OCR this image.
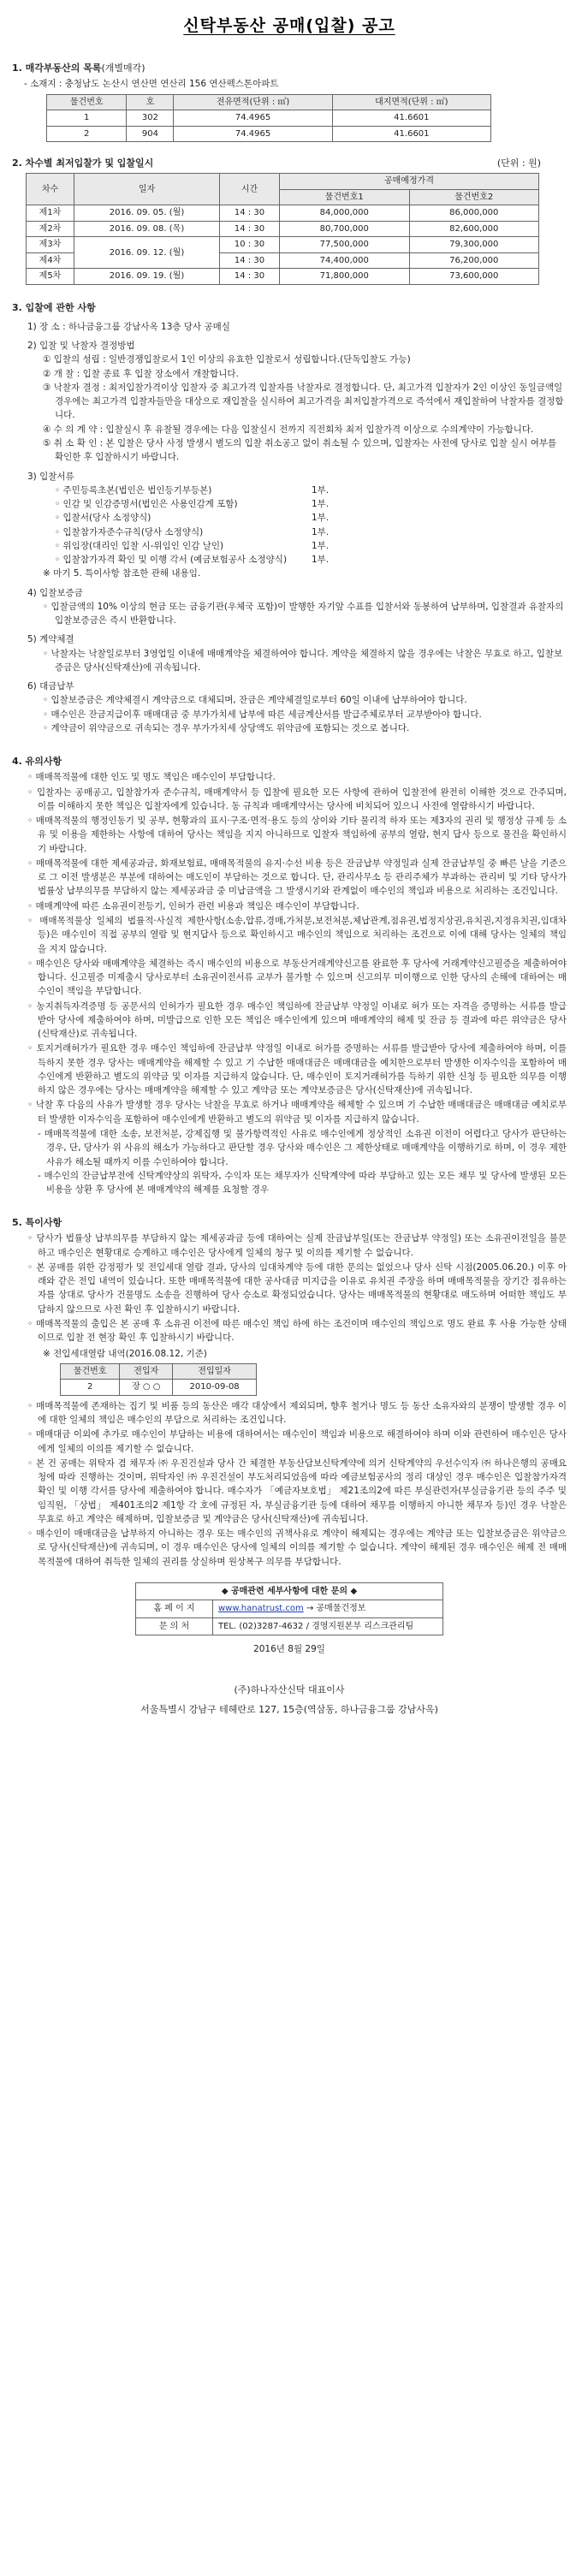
신탁부동산 공매(입찰) 공고
1. 매각부동산의 목록(개별매각)
- 소재지 : 충청남도 논산시 연산면 연산리 156 연산펙스톤아파트
물건번호	호	전유면적(단위 : ㎡)	대지면적(단위 : ㎡)
1	302	74.4965	41.6601
2	904	74.4965	41.6601
2. 차수별 최저입찰가 및 입찰일시	(단위 : 원)
차수	일자	시간	공매예정가격	
			물건번호1	물건번호2
제1차	2016. 09. 05. (월)	14 : 30	84,000,000	86,000,000
제2차	2016. 09. 08. (목)	14 : 30	80,700,000	82,600,000
제3차	2016. 09. 12. (월)	10 : 30	77,500,000	79,300,000
제4차		14 : 30	74,400,000	76,200,000
제5차	2016. 09. 19. (월)	14 : 30	71,800,000	73,600,000
3. 입찰에 관한 사항
1) 장 소 : 하나금융그룹 강남사옥 13층 당사 공매실
2) 입찰 및 낙찰자 결정방법
① 입찰의 성립 : 일반경쟁입찰로서 1인 이상의 유효한 입찰로서 성립합니다.(단독입찰도 가능)
② 개 찰 : 입찰 종료 후 입찰 장소에서 개찰합니다.
③ 낙찰자 결정 : 최저입찰가격이상 입찰자 중 최고가격 입찰자를 낙찰자로 결정합니다. 단, 최고가격 입찰자가 2인 이상인 동일금액일 경우에는 최고가격 입찰자들만을 대상으로 재입찰을 실시하여 최고가격을 최저입찰가격으로 즉석에서 재입찰하여 낙찰자를 결정합니다.
④ 수 의 계 약 : 입찰실시 후 유찰될 경우에는 다음 입찰실시 전까지 직전회차 최저 입찰가격 이상으로 수의계약이 가능합니다.
⑤ 취 소 확 인 : 본 입찰은 당사 사정 발생시 별도의 입찰 취소공고 없이 취소될 수 있으며, 입찰자는 사전에 당사로 입찰 실시 여부를 확인한 후 입찰하시기 바랍니다.
3) 입찰서류
◦ 주민등록초본(법인은 법인등기부등본)	1부.
◦ 인감 및 인감증명서(법인은 사용인감계 포함)	1부.
◦ 입찰서(당사 소정양식)	1부.
◦ 입찰참가자준수규칙(당사 소정양식)	1부.
◦ 위임장(대리인 입찰 시-위임인 인감 날인)	1부.
◦ 입찰참가자격 확인 및 이행 각서 (예금보험공사 소정양식)	1부.
※ 마기 5. 특이사항 참조한 관해 내용임.
4) 입찰보증금
◦ 입찰금액의 10% 이상의 현금 또는 금융기관(우체국 포함)이 발행한 자기앞 수표를 입찰서와 동봉하여 납부하며, 입찰결과 유찰자의 입찰보증금은 즉시 반환합니다.
5) 계약체결
◦ 낙찰자는 낙찰일로부터 3영업일 이내에 매매계약을 체결하여야 합니다. 계약을 체결하지 않을 경우에는 낙찰은 무효로 하고, 입찰보증금은 당사(신탁재산)에 귀속됩니다.
6) 대금납부
◦ 입찰보증금은 계약체결시 계약금으로 대체되며, 잔금은 계약체결일로부터 60일 이내에 납부하여야 합니다.
◦ 매수인은 잔금지급이후 매매대금 중 부가가치세 납부에 따른 세금계산서를 발급주체로부터 교부받아야 합니다.
◦ 계약금이 위약금으로 귀속되는 경우 부가가치세 상당액도 위약금에 포함되는 것으로 봅니다.
4. 유의사항
◦ 매매목적물에 대한 인도 및 명도 책임은 매수인이 부담합니다.
◦ 입찰자는 공매공고, 입찰참가자 준수규칙, 매매계약서 등 입찰에 필요한 모든 사항에 관하여 입찰전에 완전히 이해한 것으로 간주되며, 이를 이해하지 못한 책임은 입찰자에게 있습니다. 동 규칙과 매매계약서는 당사에 비치되어 있으니 사전에 열람하시기 바랍니다.
◦ 매매목적물의 행정인동기 및 공부, 현황과의 표시·구조·면적·용도 등의 상이와 기타 물리적 하자 또는 제3자의 권리 및 행정상 규제 등 소유 및 이용을 제한하는 사항에 대하여 당사는 책임을 지지 아니하므로 입찰자 책임하에 공부의 열람, 현지 답사 등으로 물건을 확인하시기 바랍니다.
◦ 매매목적물에 대한 제세공과금, 화재보험료, 매매목적물의 유지·수선 비용 등은 잔금납부 약정일과 실제 잔금납부일 중 빠른 날을 기준으로 그 이전 발생분은 부분에 대하여는 매도인이 부담하는 것으로 합니다. 단, 관리사무소 등 관리주체가 부과하는 관리비 및 기타 당사가 법률상 납부의무를 부담하지 않는 제세공과금 중 미납금액을 그 발생시기와 관계없이 매수인의 책임과 비용으로 처리하는 조건입니다.
◦ 매매계약에 따른 소유권이전등기, 인허가 관련 비용과 책임은 매수인이 부담합니다.
◦ 매매목적물상 일체의 법률적·사실적 제한사항(소송,압류,경매,가처분,보전처분,체납관계,점유권,법정지상권,유치권,지정유치권,임대차 등)은 매수인이 직접 공부의 열람 및 현지답사 등으로 확인하시고 매수인의 책임으로 처리하는 조건으로 이에 대해 당사는 일체의 책임을 지지 않습니다.
◦ 매수인은 당사와 매매계약을 체결하는 즉시 매수인의 비용으로 부동산거래계약신고를 완료한 후 당사에 거래계약신고필증을 제출하여야 합니다. 신고필증 미제출시 당사로부터 소유권이전서류 교부가 불가할 수 있으며 신고의무 미이행으로 인한 당사의 손해에 대하여는 매수인이 책임을 부담합니다.
◦ 농지취득자격증명 등 공문서의 인허가가 필요한 경우 매수인 책임하에 잔금납부 약정일 이내로 허가 또는 자격을 증명하는 서류를 발급받아 당사에 제출하여야 하며, 미발급으로 인한 모든 책임은 매수인에게 있으며 매매계약의 해제 및 잔금 등 결과에 따른 위약금은 당사(신탁재산)로 귀속됩니다.
◦ 토지거래허가가 필요한 경우 매수인 책임하에 잔금납부 약정일 이내로 허가를 증명하는 서류를 발급받아 당사에 제출하여야 하며, 이를 득하지 못한 경우 당사는 매매계약을 해제할 수 있고 기 수납한 매매대금은 매매대금을 예치한으로부터 발생한 이자수익을 포함하여 매수인에게 반환하고 별도의 위약금 및 이자를 지급하지 않습니다. 단, 매수인이 토지거래허가를 득하기 위한 신청 등 필요한 의무를 이행하지 않은 경우에는 당사는 매매계약을 해제할 수 있고 계약금 또는 계약보증금은 당사(신탁재산)에 귀속됩니다.
◦ 낙찰 후 다음의 사유가 발생할 경우 당사는 낙찰을 무효로 하거나 매매계약을 해제할 수 있으며 기 수납한 매매대금은 매매대금 예치로부터 발생한 이자수익을 포함하여 매수인에게 반환하고 별도의 위약금 및 이자를 지급하지 않습니다.
- 매매목적물에 대한 소송, 보전처분, 강제집행 및 불가항력적인 사유로 매수인에게 정상적인 소유권 이전이 어렵다고 당사가 판단하는 경우, 단, 당사가 위 사유의 해소가 가능하다고 판단할 경우 당사와 매수인은 그 제한상태로 매매계약을 이행하기로 하며, 이 경우 제한사유가 해소될 때까지 이를 수인하여야 합니다.
- 매수인의 잔금납부전에 신탁계약상의 위탁자, 수익자 또는 채무자가 신탁계약에 따라 부담하고 있는 모든 채무 및 당사에 발생된 모든 비용을 상환 후 당사에 본 매매계약의 해제를 요청할 경우
5. 특이사항
◦ 당사가 법률상 납부의무를 부담하지 않는 제세공과금 등에 대하여는 실제 잔금납부일(또는 잔금납부 약정일) 또는 소유권이전일을 불문하고 매수인은 현황대로 승계하고 매수인은 당사에게 일체의 청구 및 이의를 제기할 수 없습니다.
◦ 본 공매를 위한 감정평가 및 전입세대 열람 결과, 당사의 임대차계약 등에 대한 문의는 없었으나 당사 신탁 시점(2005.06.20.) 이후 아래와 같은 전입 내역이 있습니다. 또한 매매목적물에 대한 공사대금 미지급을 이유로 유치권 주장을 하며 매매목적물을 장기간 점유하는 자를 상대로 당사가 건물명도 소송을 진행하여 당사 승소로 확정되었습니다. 당사는 매매목적물의 현황대로 매도하며 어떠한 책임도 부담하지 않으므로 사전 확인 후 입찰하시기 바랍니다.
◦ 매매목적물의 출입은 본 공매 후 소유권 이전에 따른 매수인 책임 하에 하는 조건이며 매수인의 책임으로 명도 완료 후 사용 가능한 상태이므로 입찰 전 현장 확인 후 입찰하시기 바랍니다.
※ 전입세대열람 내역(2016.08.12, 기준)
물건번호	전입자	전입일자
2	장 ○ ○	2010-09-08
◦ 매매목적물에 존재하는 집기 및 비품 등의 동산은 매각 대상에서 제외되며, 향후 철거나 명도 등 동산 소유자와의 분쟁이 발생할 경우 이에 대한 일체의 책임은 매수인의 부담으로 처리하는 조건입니다.
◦ 매매대금 이외에 추가로 매수인이 부담하는 비용에 대하여서는 매수인이 책임과 비용으로 해결하여야 하며 이와 관련하여 매수인은 당사에게 일체의 이의를 제기할 수 없습니다.
◦ 본 건 공매는 위탁자 겸 채무자 ㈜ 우진건설과 당사 간 체결한 부동산담보신탁계약에 의거 신탁계약의 우선수익자 ㈜ 하나은행의 공매요청에 따라 진행하는 것이며, 위탁자인 ㈜ 우진건설이 부도처리되었음에 따라 예금보험공사의 정리 대상인 경우 매수인은 입찰참가자격 확인 및 이행 각서를 당사에 제출하여야 합니다. 매수자가 「예금자보호법」 제21조의2에 따른 부실관련자(부실금융기관 등의 주주 및 임직원, 「상법」 제401조의2 제1항 각 호에 규정된 자, 부실금융기관 등에 대하여 채무를 이행하지 아니한 채무자 등)인 경우 낙찰은 무효로 하고 계약은 해제하며, 입찰보증금 및 계약금은 당사(신탁재산)에 귀속됩니다.
◦ 매수인이 매매대금을 납부하지 아니하는 경우 또는 매수인의 귀책사유로 계약이 해제되는 경우에는 계약금 또는 입찰보증금은 위약금으로 당사(신탁재산)에 귀속되며, 이 경우 매수인은 당사에 일체의 이의를 제기할 수 없습니다. 계약이 해제된 경우 매수인은 해제 전 매매목적물에 대하여 취득한 일체의 권리를 상실하며 원상복구 의무를 부담합니다.
◆ 공매관련 세부사항에 대한 문의 ◆	
홈 페 이 지	www.hanatrust.com → 공매물건정보
문 의 처	TEL. (02)3287-4632 / 경영지원본부 리스크관리팀
2016년 8월 29일
(주)하나자산신탁 대표이사
서울특별시 강남구 테헤란로 127, 15층(역삼동, 하나금융그룹 강남사옥)
